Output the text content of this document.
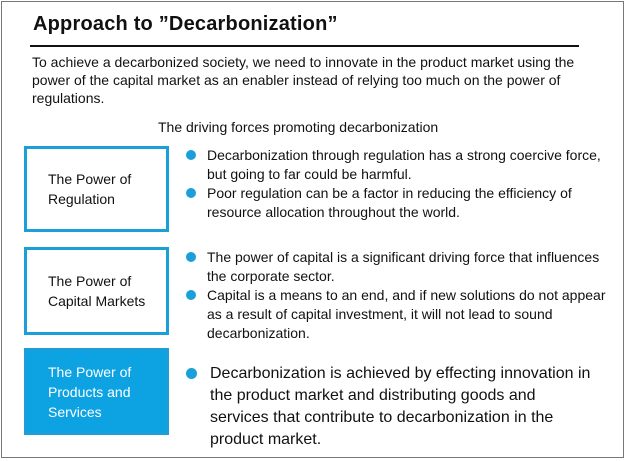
Approach to ”Decarbonization”
To achieve a decarbonized society, we need to innovate in the product market using the power of the capital market as an enabler instead of relying too much on the power of regulations.
The driving forces promoting decarbonization
The Power of
Regulation
Decarbonization through regulation has a strong coercive force, but going to far could be harmful.
Poor regulation can be a factor in reducing the efficiency of resource allocation throughout the world.
The Power of
Capital Markets
The power of capital is a significant driving force that influences the corporate sector.
Capital is a means to an end, and if new solutions do not appear as a result of capital investment, it will not lead to sound decarbonization.
The Power of
Products and
Services
Decarbonization is achieved by effecting innovation in the product market and distributing goods and services that contribute to decarbonization in the product market.
